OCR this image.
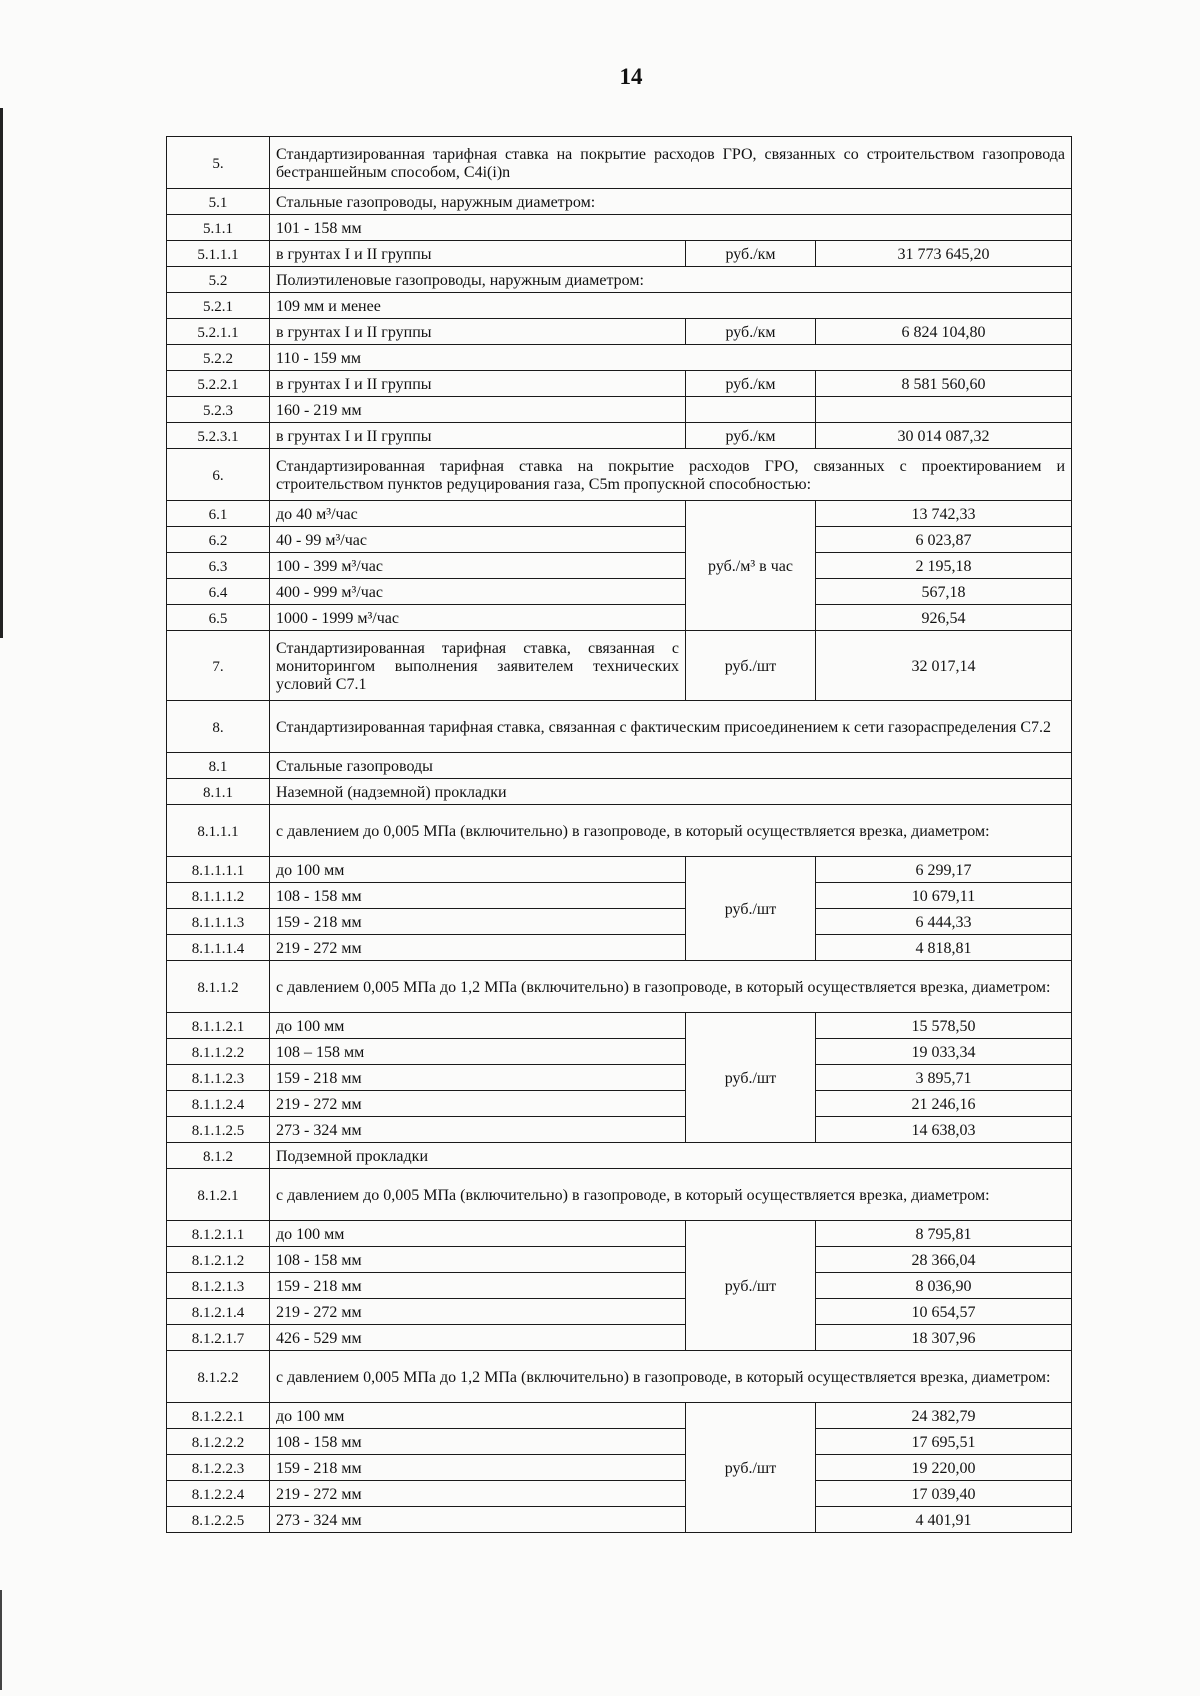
14
5.	Стандартизированная тарифная ставка на покрытие расходов ГРО, связанных со строительством газопровода бестраншейным способом, C4i(i)n		
5.1	Стальные газопроводы, наружным диаметром:		
5.1.1	101 - 158 мм		
5.1.1.1	в грунтах I и II группы	руб./км	31 773 645,20
5.2	Полиэтиленовые газопроводы, наружным диаметром:		
5.2.1	109 мм и менее		
5.2.1.1	в грунтах I и II группы	руб./км	6 824 104,80
5.2.2	110 - 159 мм		
5.2.2.1	в грунтах I и II группы	руб./км	8 581 560,60
5.2.3	160 - 219 мм		
5.2.3.1	в грунтах I и II группы	руб./км	30 014 087,32
6.	Стандартизированная тарифная ставка на покрытие расходов ГРО, связанных с проектированием и строительством пунктов редуцирования газа, C5m пропускной способностью:		
6.1	до 40 м³/час	руб./м³ в час	13 742,33
6.2	40 - 99 м³/час		6 023,87
6.3	100 - 399 м³/час		2 195,18
6.4	400 - 999 м³/час		567,18
6.5	1000 - 1999 м³/час		926,54
7.	Стандартизированная тарифная ставка, связанная с мониторингом выполнения заявителем технических условий C7.1	руб./шт	32 017,14
8.	Стандартизированная тарифная ставка, связанная с фактическим присоединением к сети газораспределения C7.2		
8.1	Стальные газопроводы		
8.1.1	Наземной (надземной) прокладки		
8.1.1.1	с давлением до 0,005 МПа (включительно) в газопроводе, в который осуществляется врезка, диаметром:		
8.1.1.1.1	до 100 мм	руб./шт	6 299,17
8.1.1.1.2	108 - 158 мм		10 679,11
8.1.1.1.3	159 - 218 мм		6 444,33
8.1.1.1.4	219 - 272 мм		4 818,81
8.1.1.2	с давлением 0,005 МПа до 1,2 МПа (включительно) в газопроводе, в который осуществляется врезка, диаметром:		
8.1.1.2.1	до 100 мм	руб./шт	15 578,50
8.1.1.2.2	108 – 158 мм		19 033,34
8.1.1.2.3	159 - 218 мм		3 895,71
8.1.1.2.4	219 - 272 мм		21 246,16
8.1.1.2.5	273 - 324 мм		14 638,03
8.1.2	Подземной прокладки		
8.1.2.1	с давлением до 0,005 МПа (включительно) в газопроводе, в который осуществляется врезка, диаметром:		
8.1.2.1.1	до 100 мм	руб./шт	8 795,81
8.1.2.1.2	108 - 158 мм		28 366,04
8.1.2.1.3	159 - 218 мм		8 036,90
8.1.2.1.4	219 - 272 мм		10 654,57
8.1.2.1.7	426 - 529 мм		18 307,96
8.1.2.2	с давлением 0,005 МПа до 1,2 МПа (включительно) в газопроводе, в который осуществляется врезка, диаметром:		
8.1.2.2.1	до 100 мм	руб./шт	24 382,79
8.1.2.2.2	108 - 158 мм		17 695,51
8.1.2.2.3	159 - 218 мм		19 220,00
8.1.2.2.4	219 - 272 мм		17 039,40
8.1.2.2.5	273 - 324 мм		4 401,91
